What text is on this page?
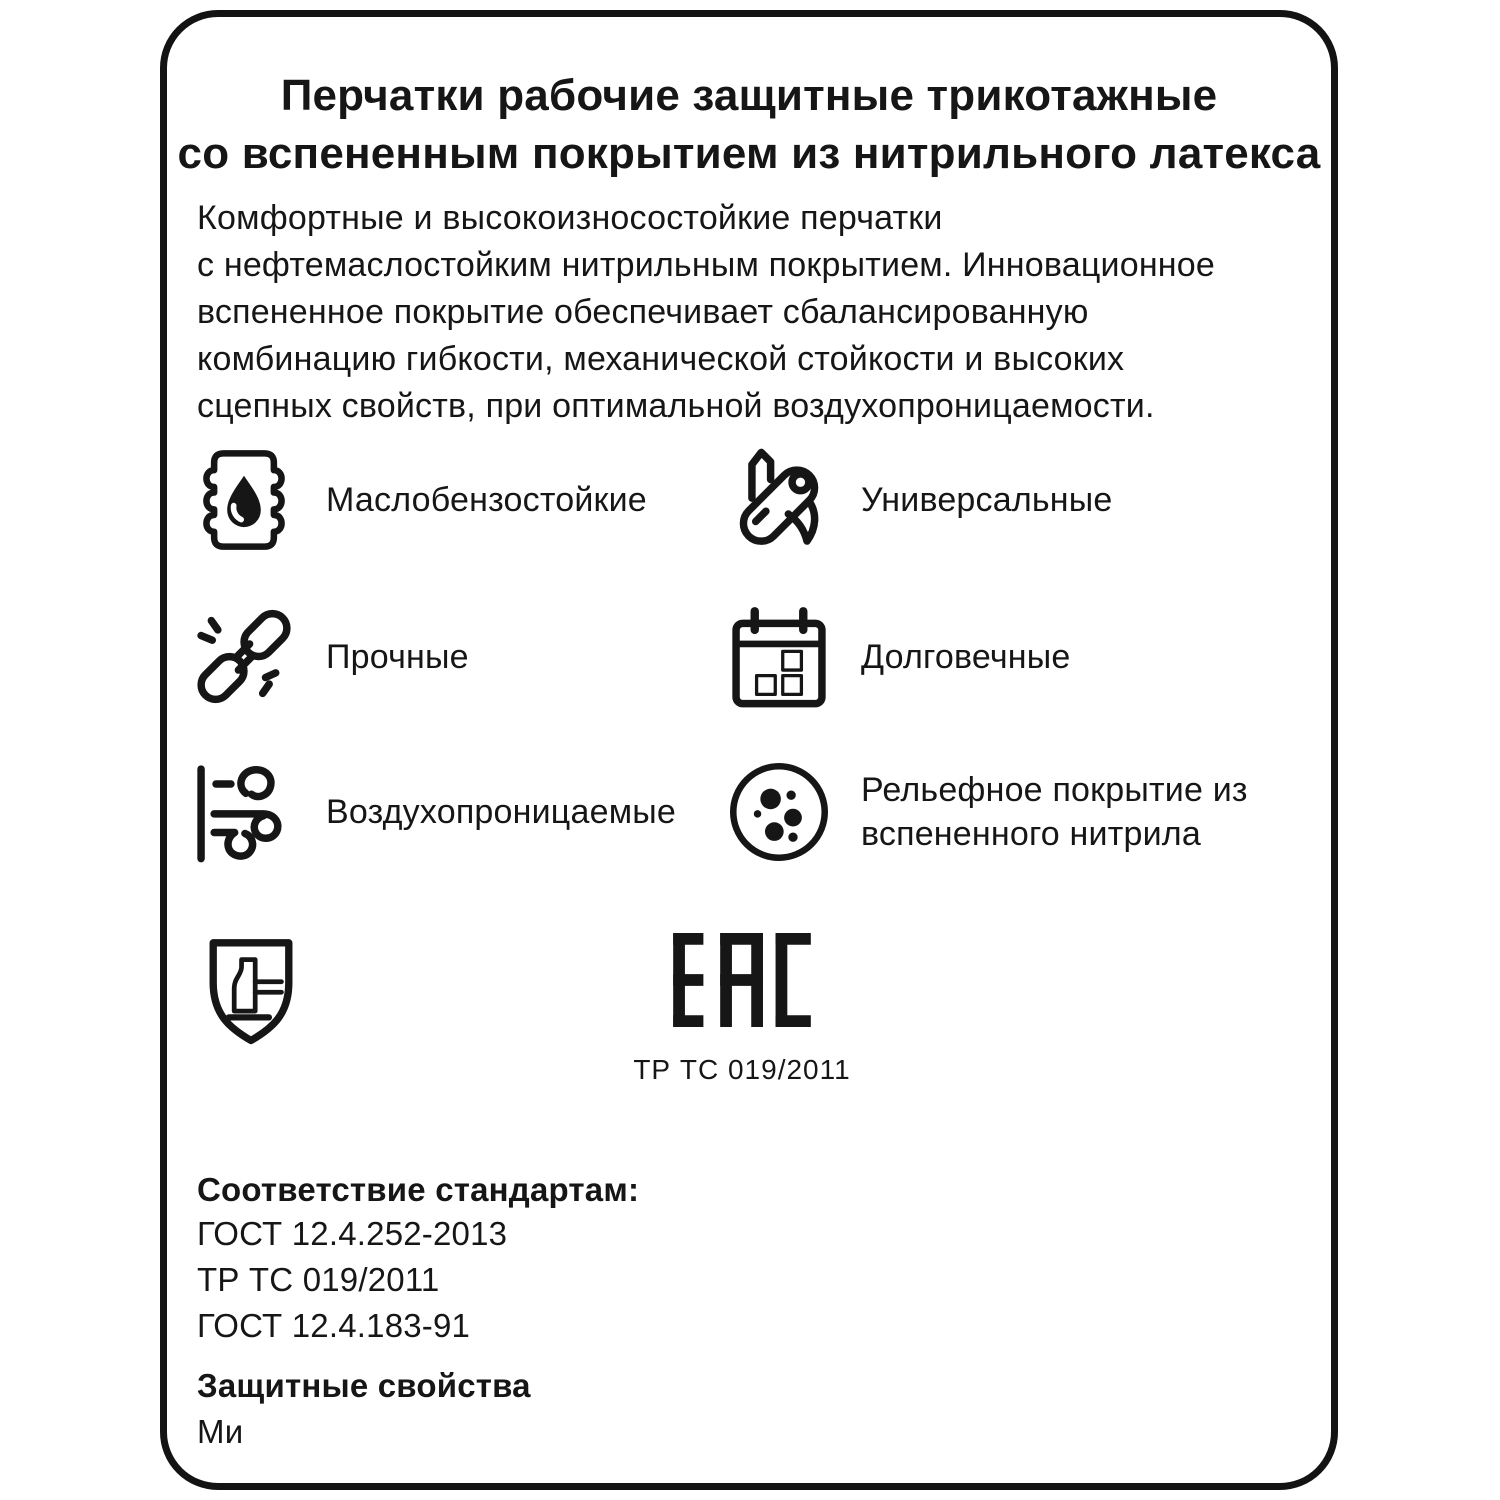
Перчатки рабочие защитные трикотажные
со вспененным покрытием из нитрильного латекса
Комфортные и высокоизносостойкие перчатки
с нефтемаслостойким нитрильным покрытием. Инновационное
вспененное покрытие обеспечивает сбалансированную
комбинацию гибкости, механической стойкости и высоких
сцепных свойств, при оптимальной воздухопроницаемости.
Маслобензостойкие	Универсальные
Прочные	Долговечные
Воздухопроницаемые
Рельефное покрытие из вспененного нитрила
ТР ТС 019/2011
Соответствие стандартам:
ГОСТ 12.4.252-2013
ТР ТС 019/2011
ГОСТ 12.4.183-91
Защитные свойства
Ми
